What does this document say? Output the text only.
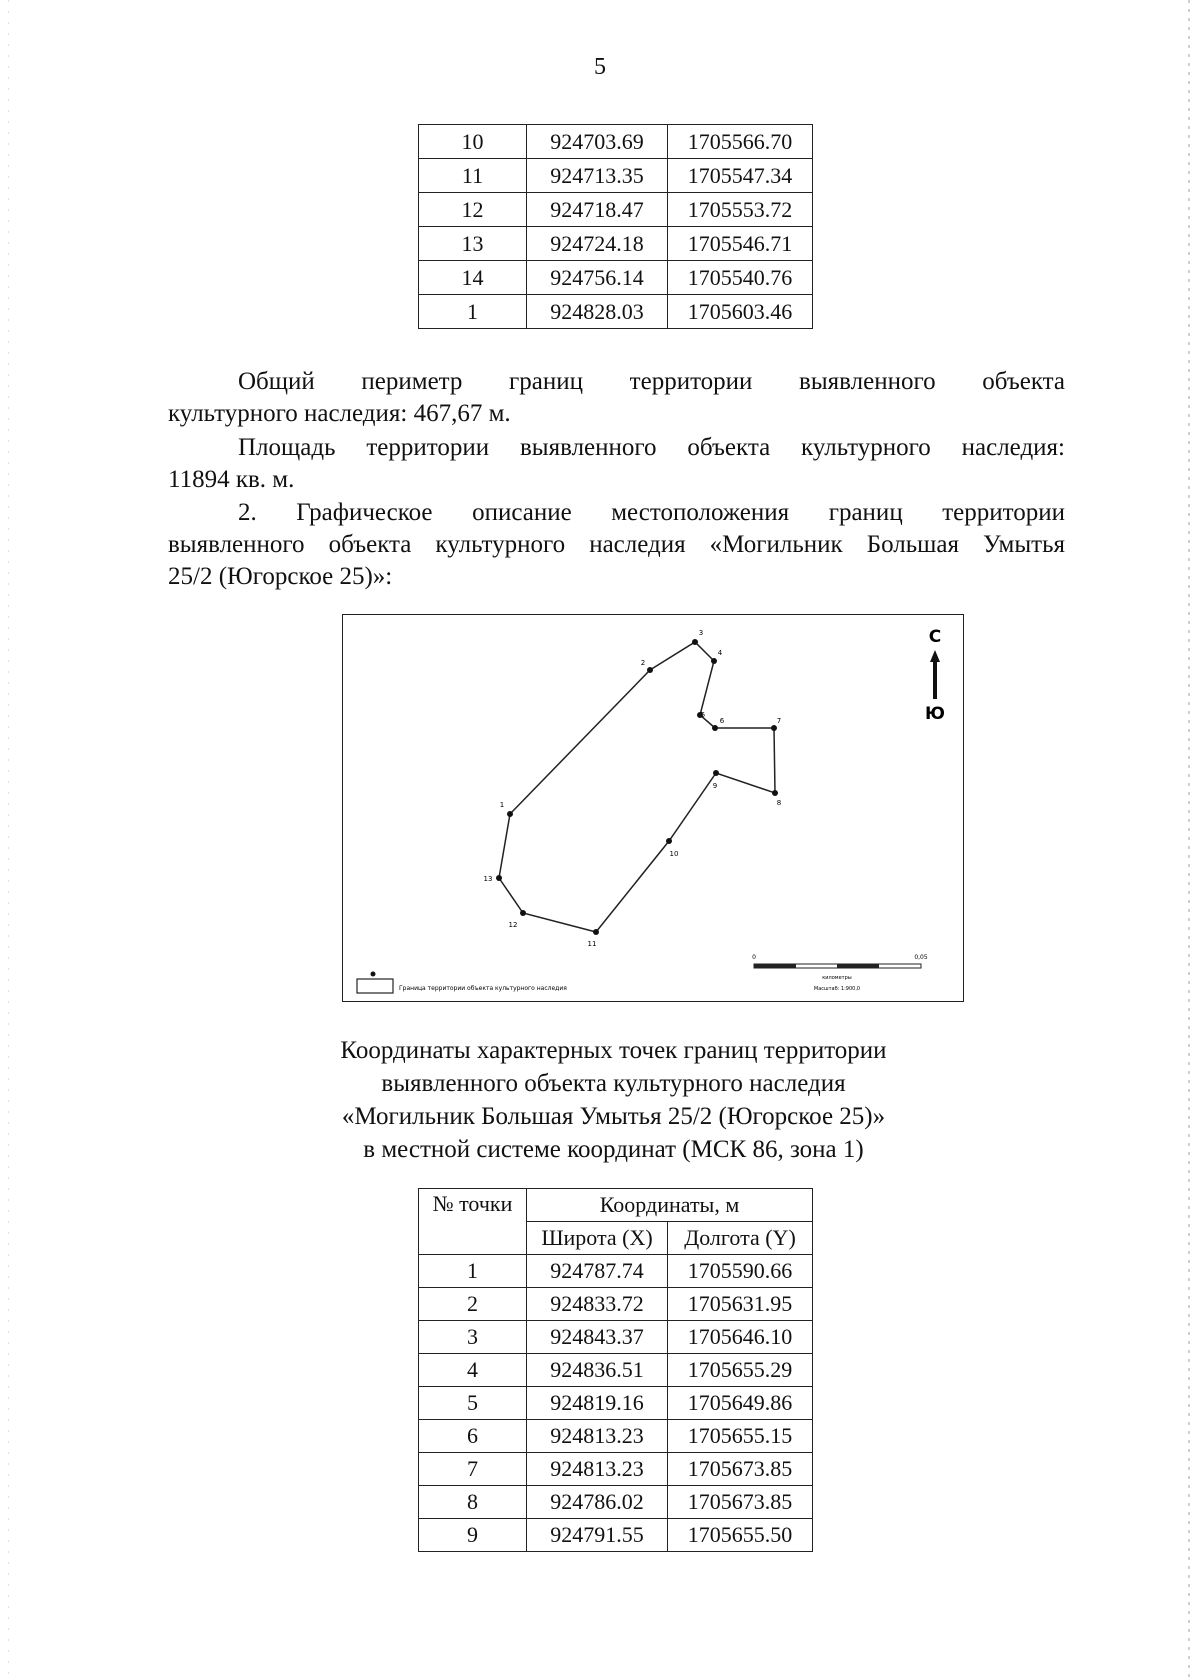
5
10	924703.69	1705566.70
11	924713.35	1705547.34
12	924718.47	1705553.72
13	924724.18	1705546.71
14	924756.14	1705540.76
1	924828.03	1705603.46
Общий периметр границ территории выявленного объекта
культурного наследия: 467,67 м.
Площадь территории выявленного объекта культурного наследия:
11894 кв. м.
2. Графическое описание местоположения границ территории
выявленного объекта культурного наследия «Могильник Большая Умытья
25/2 (Югорское 25)»:
1
2
3
4
5
6	7
8
9
10
11
12
13
С
Ю
Граница территории объекта культурного наследия
0	0,05
километры
Масштаб: 1:900,0
Координаты характерных точек границ территории
выявленного объекта культурного наследия
«Могильник Большая Умытья 25/2 (Югорское 25)»
в местной системе координат (МСК 86, зона 1)
№ точки	Координаты, м	
	Широта (X)	Долгота (Y)
1	924787.74	1705590.66
2	924833.72	1705631.95
3	924843.37	1705646.10
4	924836.51	1705655.29
5	924819.16	1705649.86
6	924813.23	1705655.15
7	924813.23	1705673.85
8	924786.02	1705673.85
9	924791.55	1705655.50
